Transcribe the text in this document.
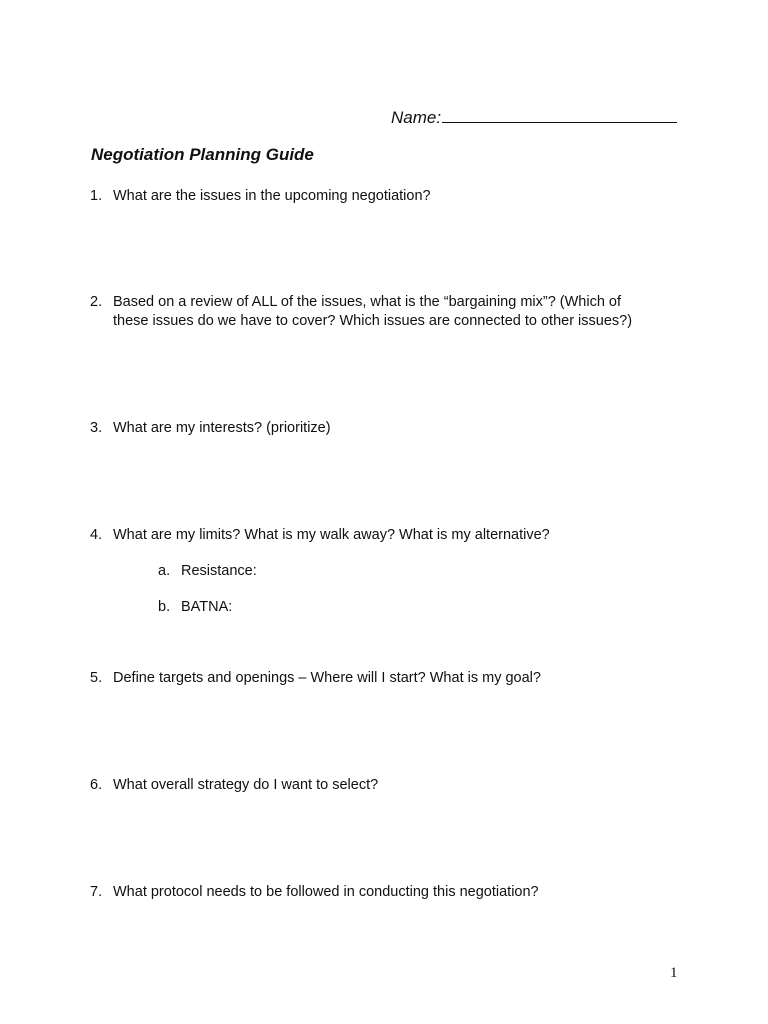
Name:
Negotiation Planning Guide
1. What are the issues in the upcoming negotiation?
2. Based on a review of ALL of the issues, what is the “bargaining mix”? (Which of
these issues do we have to cover? Which issues are connected to other issues?)
3. What are my interests? (prioritize)
4. What are my limits? What is my walk away? What is my alternative?
a. Resistance:
b. BATNA:
5. Define targets and openings – Where will I start? What is my goal?
6. What overall strategy do I want to select?
7. What protocol needs to be followed in conducting this negotiation?
1
